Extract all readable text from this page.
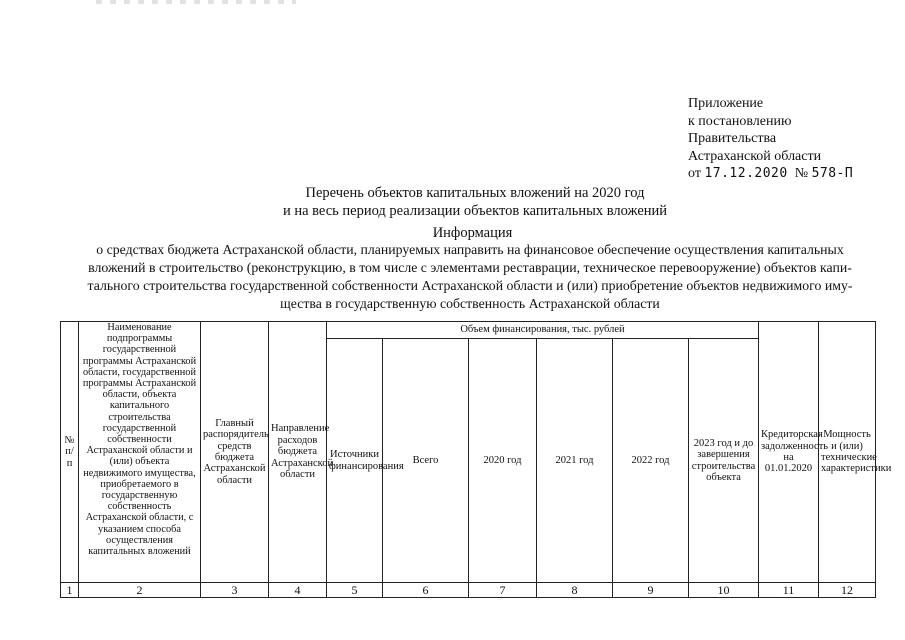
Приложение
к постановлению
Правительства
Астраханской области
от 17.12.2020 № 578-П
Перечень объектов капитальных вложений на 2020 год
и на весь период реализации объектов капитальных вложений
Информация
о средствах бюджета Астраханской области, планируемых направить на финансовое обеспечение осуществления капитальных
вложений в строительство (реконструкцию, в том числе с элементами реставрации, техническое перевооружение) объектов капи-
тального строительства государственной собственности Астраханской области и (или) приобретение объектов недвижимого иму-
щества в государственную собственность Астраханской области
№ п/п	Наименование подпрограммы государственной программы Астраханской области, государственной программы Астраханской области, объекта капитального строительства государственной собственности Астраханской области и (или) объекта недвижимого имущества, приобретаемого в государственную собственность Астраханской области, с указанием способа осуществления капитальных вложений	Главный распорядитель средств бюджета Астраханской области	Направление расходов бюджета Астраханской области	Объем финансирования, тыс. рублей						Кредиторская задолженность на 01.01.2020	Мощность и (или) технические характеристики
				Источники финансирования	Всего	2020 год	2021 год	2022 год	2023 год и до завершения строительства объекта		
1	2	3	4	5	6	7	8	9	10	11	12
